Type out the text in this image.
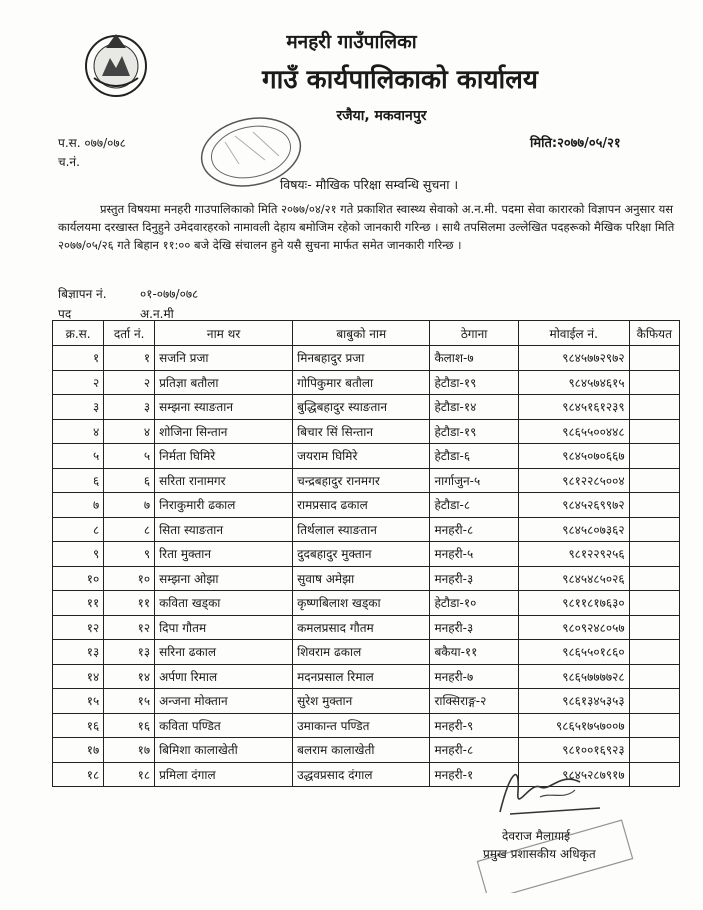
मनहरी गाउँपालिका
गाउँ कार्यपालिकाको कार्यालय
रजैया, मकवानपुर
प.स. ०७७/०७८
च.नं.
मिति:२०७७/०५/२१
विषयः- मौखिक परिक्षा सम्वन्धि सुचना ।
प्रस्तुत विषयमा मनहरी गाउपालिकाको मिति २०७७/०४/२१ गते प्रकाशित स्वास्थ्य सेवाको अ.न.मी. पदमा सेवा कारारको विज्ञापन अनुसार यस कार्यलयमा दरखास्त दिनुहुने उमेदवारहरको नामावली देहाय बमोजिम रहेको जानकारी गरिन्छ । साथै तपसिलमा उल्लेखित पदहरूको मैखिक परिक्षा मिति २०७७/०५/२६ गते बिहान ११:०० बजे देखि संचालन हुने यसै सुचना मार्फत समेत जानकारी गरिन्छ ।
बिज्ञापन नं.	०१-०७७/०७८
पद	अ.न.मी
क्र.स.	दर्ता नं.	नाम थर	बाबुको नाम	ठेगाना	मोवाईल नं.	कैफियत
१	१	सजनि प्रजा	मिनबहादुर प्रजा	कैलाश-७	९८४५७७२९७२	
२	२	प्रतिज्ञा बतौला	गोपिकुमार बतौला	हेटौडा-१९	९८४५७४६१५	
३	३	सम्झना स्याङतान	बुद्धिबहादुर स्याङतान	हेटौडा-१४	९८४५१६१२३९	
४	४	शोजिना सिन्तान	बिचार सिं सिन्तान	हेटौडा-१९	९८६५५००४४८	
५	५	निर्मता घिमिरे	जयराम घिमिरे	हेटौडा-६	९८४५०७०६६७	
६	६	सरिता रानामगर	चन्द्रबहादुर रानमगर	नार्गाजुन-५	९८१२२८५००४	
७	७	निराकुमारी ढकाल	रामप्रसाद ढकाल	हेटौडा-८	९८४५२६९९७२	
८	८	सिता स्याङतान	तिर्थलाल स्याङतान	मनहरी-८	९८४५८०७३६२	
९	९	रिता मुक्तान	दुदबहादुर मुक्तान	मनहरी-५	९८१२२९२५६	
१०	१०	सम्झना ओझा	सुवाष अमेझा	मनहरी-३	९८४५४८५०२६	
११	११	कविता खड्का	कृष्णबिलाश खड्का	हेटौडा-१०	९८११८१७६३०	
१२	१२	दिपा गौतम	कमलप्रसाद गौतम	मनहरी-३	९८०९२४८०५७	
१३	१३	सरिना ढकाल	शिवराम ढकाल	बकैया-११	९८६५५०१८६०	
१४	१४	अर्पणा रिमाल	मदनप्रसाल रिमाल	मनहरी-७	९८६५७७७७२८	
१५	१५	अन्जना मोक्तान	सुरेश मुक्तान	राक्सिराङ्ग-२	९८६१३४५३५३	
१६	१६	कविता पण्डित	उमाकान्त पण्डित	मनहरी-९	९८६५१७५७००७	
१७	१७	बिमिशा कालाखेती	बलराम कालाखेती	मनहरी-८	९८१००१६९२३	
१८	१८	प्रमिला दंगाल	उद्धवप्रसाद दंगाल	मनहरी-१	९८४५२८७९१७	
देवराज मैलागाई
प्रमुख प्रशासकीय अधिकृत
